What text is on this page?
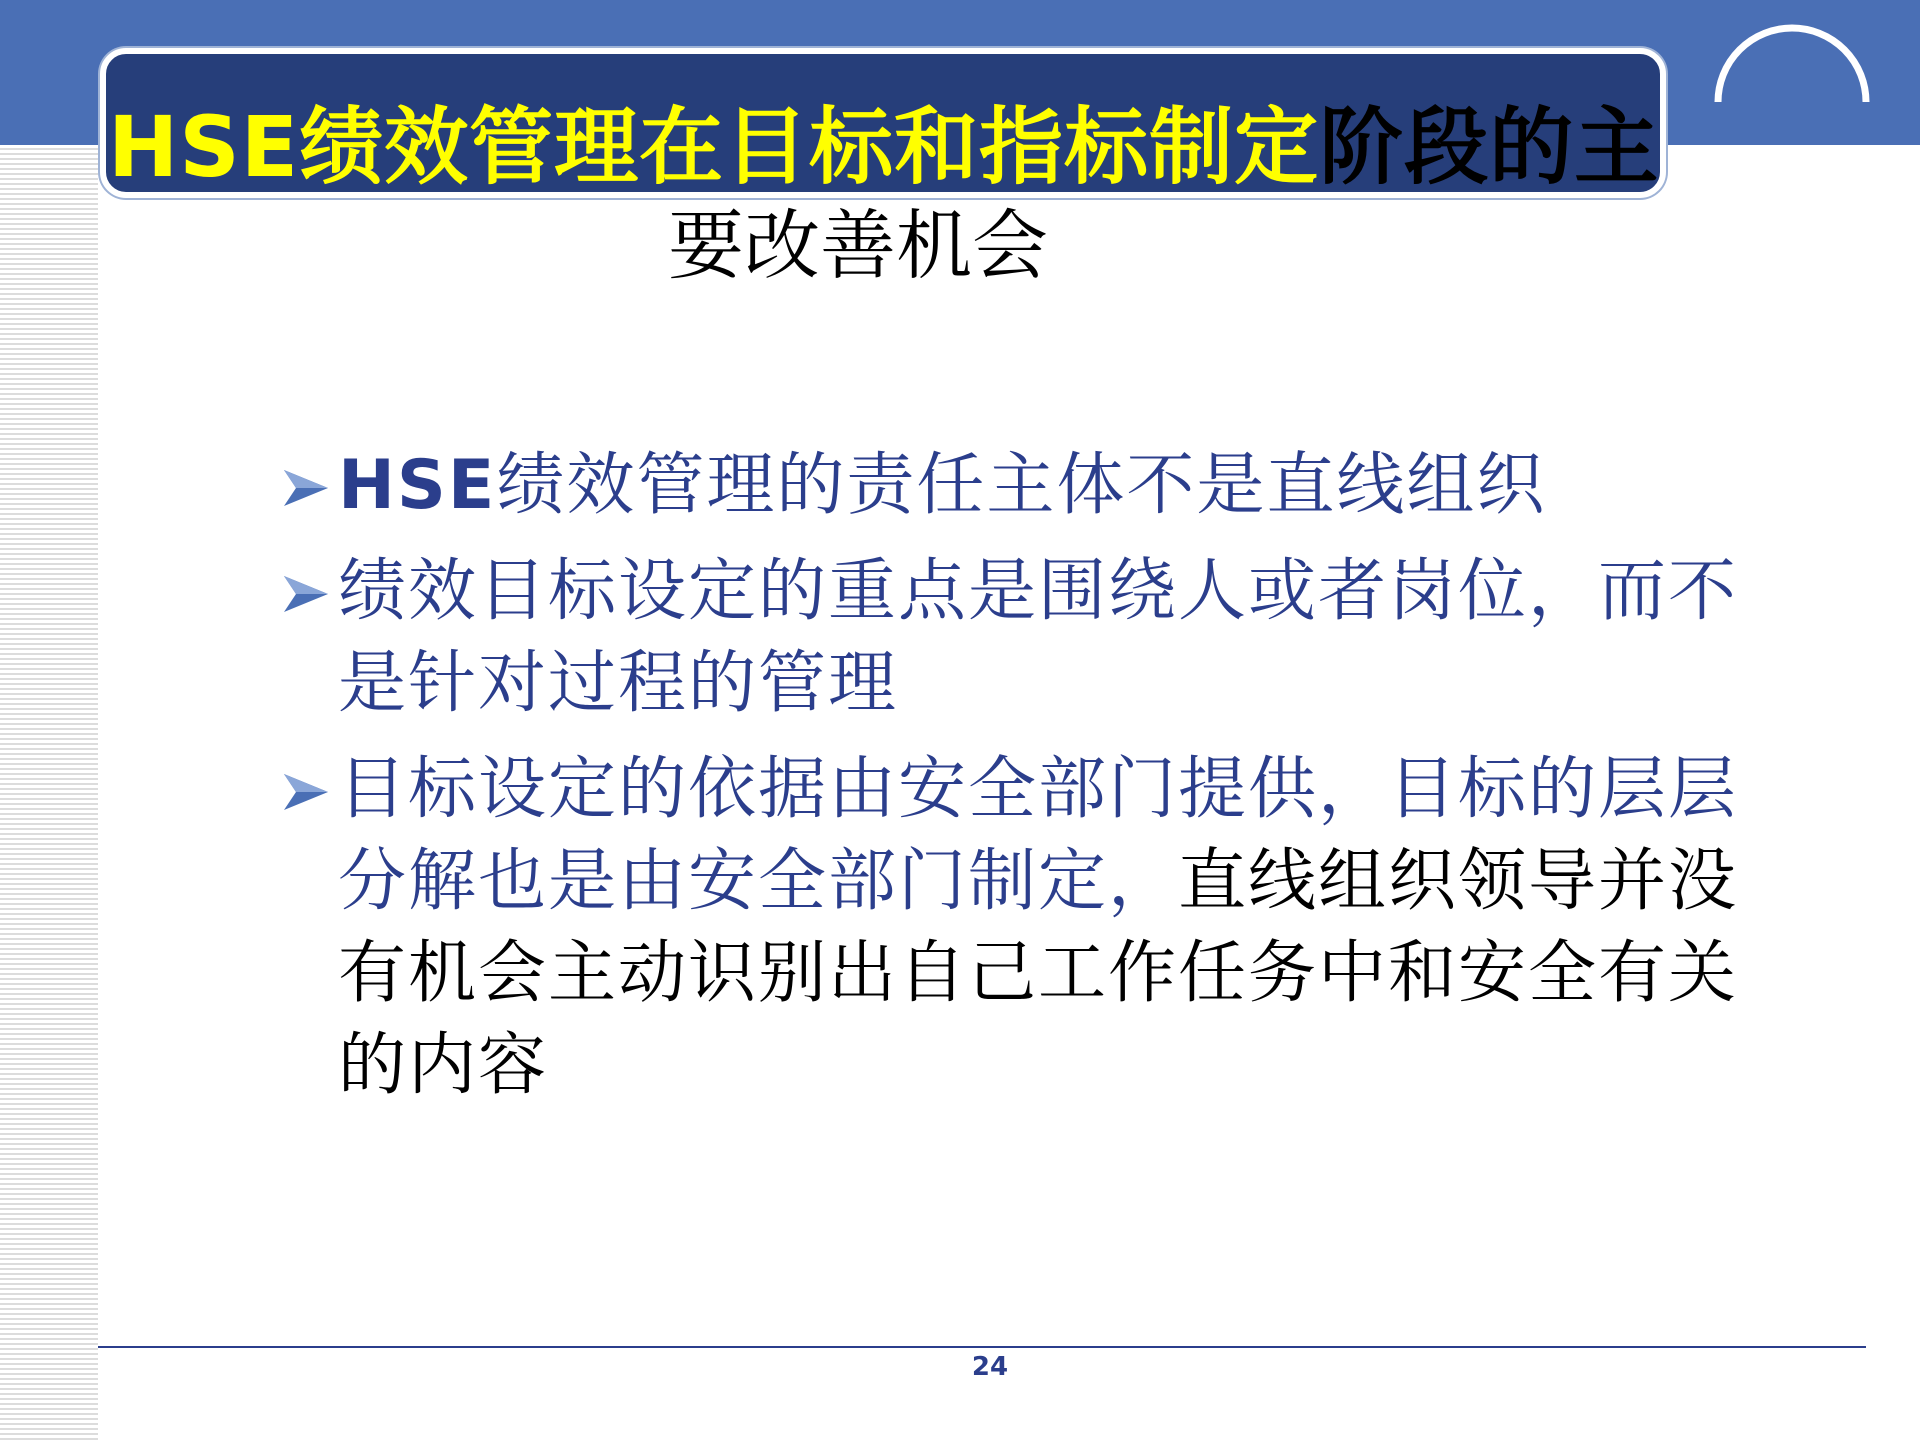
HSE绩效管理在目标和指标制定阶段的主
要改善机会
HSE绩效管理的责任主体不是直线组织
绩效目标设定的重点是围绕人或者岗位，而不是针对过程的管理
目标设定的依据由安全部门提供，目标的层层分解也是由安全部门制定，直线组织领导并没有机会主动识别出自己工作任务中和安全有关的内容
24
